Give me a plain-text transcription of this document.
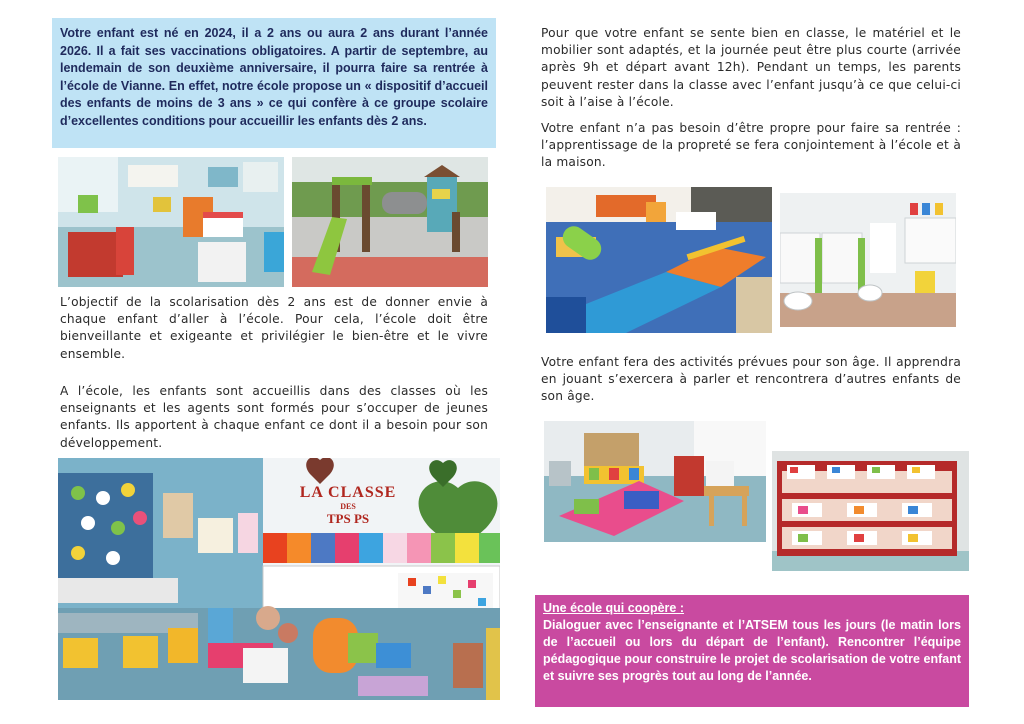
Votre enfant est né en 2024, il a 2 ans ou aura 2 ans durant l’année 2026. Il a fait ses vaccinations obligatoires. A partir de septembre, au lendemain de son deuxième anniversaire, il pourra faire sa rentrée à l’école de Vianne. En effet, notre école propose un « dispositif d’accueil des enfants de moins de 3 ans » ce qui confère à ce groupe scolaire d’excellentes conditions pour accueillir les enfants dès 2 ans.
L’objectif de la scolarisation dès 2 ans est de donner envie à chaque enfant d’aller à l’école. Pour cela, l’école doit être bienveillante et exigeante et privilégier le bien-être et le vivre ensemble.
A l’école, les enfants sont accueillis dans des classes où les enseignants et les agents sont formés pour s’occuper de jeunes enfants. Ils apportent à chaque enfant ce dont il a besoin pour son développement.
LA CLASSE
DES
TPS PS
Pour que votre enfant se sente bien en classe, le matériel et le mobilier sont adaptés, et la journée peut être plus courte (arrivée après 9h et départ avant 12h). Pendant un temps, les parents peuvent rester dans la classe avec l’enfant jusqu’à ce que celui-ci soit à l’aise à l’école.
Votre enfant n’a pas besoin d’être propre pour faire sa rentrée : l’apprentissage de la propreté se fera conjointement à l’école et à la maison.
Votre enfant fera des activités prévues pour son âge. Il apprendra en jouant s’exercera à parler et rencontrera d’autres enfants de son âge.
Une école qui coopère :
Dialoguer avec l’enseignante et l’ATSEM tous les jours (le matin lors de l’accueil ou lors du départ de l’enfant). Rencontrer l’équipe pédagogique pour construire le projet de scolarisation de votre enfant et suivre ses progrès tout au long de l’année.
